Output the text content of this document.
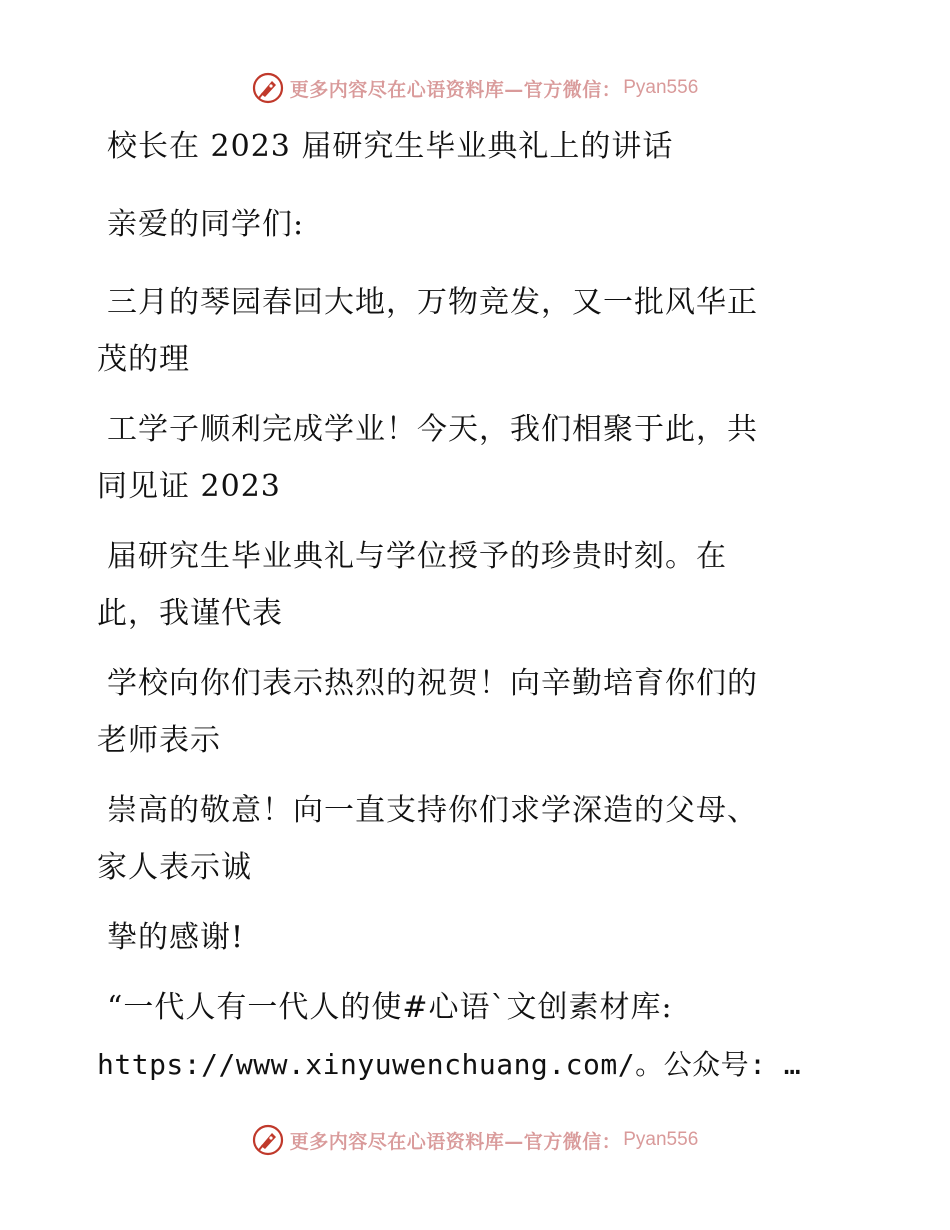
更多内容尽在心语资料库—官方微信： Pyan556
校长在 2023 届研究生毕业典礼上的讲话
亲爱的同学们:
三月的琴园春回大地，万物竞发，又一批风华正
茂的理
工学子顺利完成学业！今天，我们相聚于此，共
同见证 2023
届研究生毕业典礼与学位授予的珍贵时刻。在
此，我谨代表
学校向你们表示热烈的祝贺！向辛勤培育你们的
老师表示
崇高的敬意！向一直支持你们求学深造的父母、
家人表示诚
挚的感谢!
“一代人有一代人的使#心语`文创素材库:
https://www.xinyuwenchuang.com/。公众号: …
更多内容尽在心语资料库—官方微信： Pyan556
